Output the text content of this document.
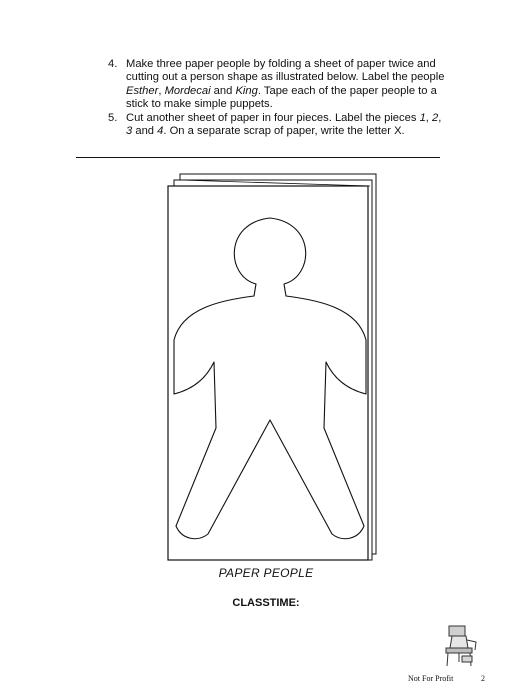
4. Make three paper people by folding a sheet of paper twice and cutting out a person shape as illustrated below. Label the people Esther, Mordecai and King. Tape each of the paper people to a stick to make simple puppets.
5. Cut another sheet of paper in four pieces. Label the pieces 1, 2, 3 and 4. On a separate scrap of paper, write the letter X.
PAPER PEOPLE
CLASSTIME:
Not For Profit	2
